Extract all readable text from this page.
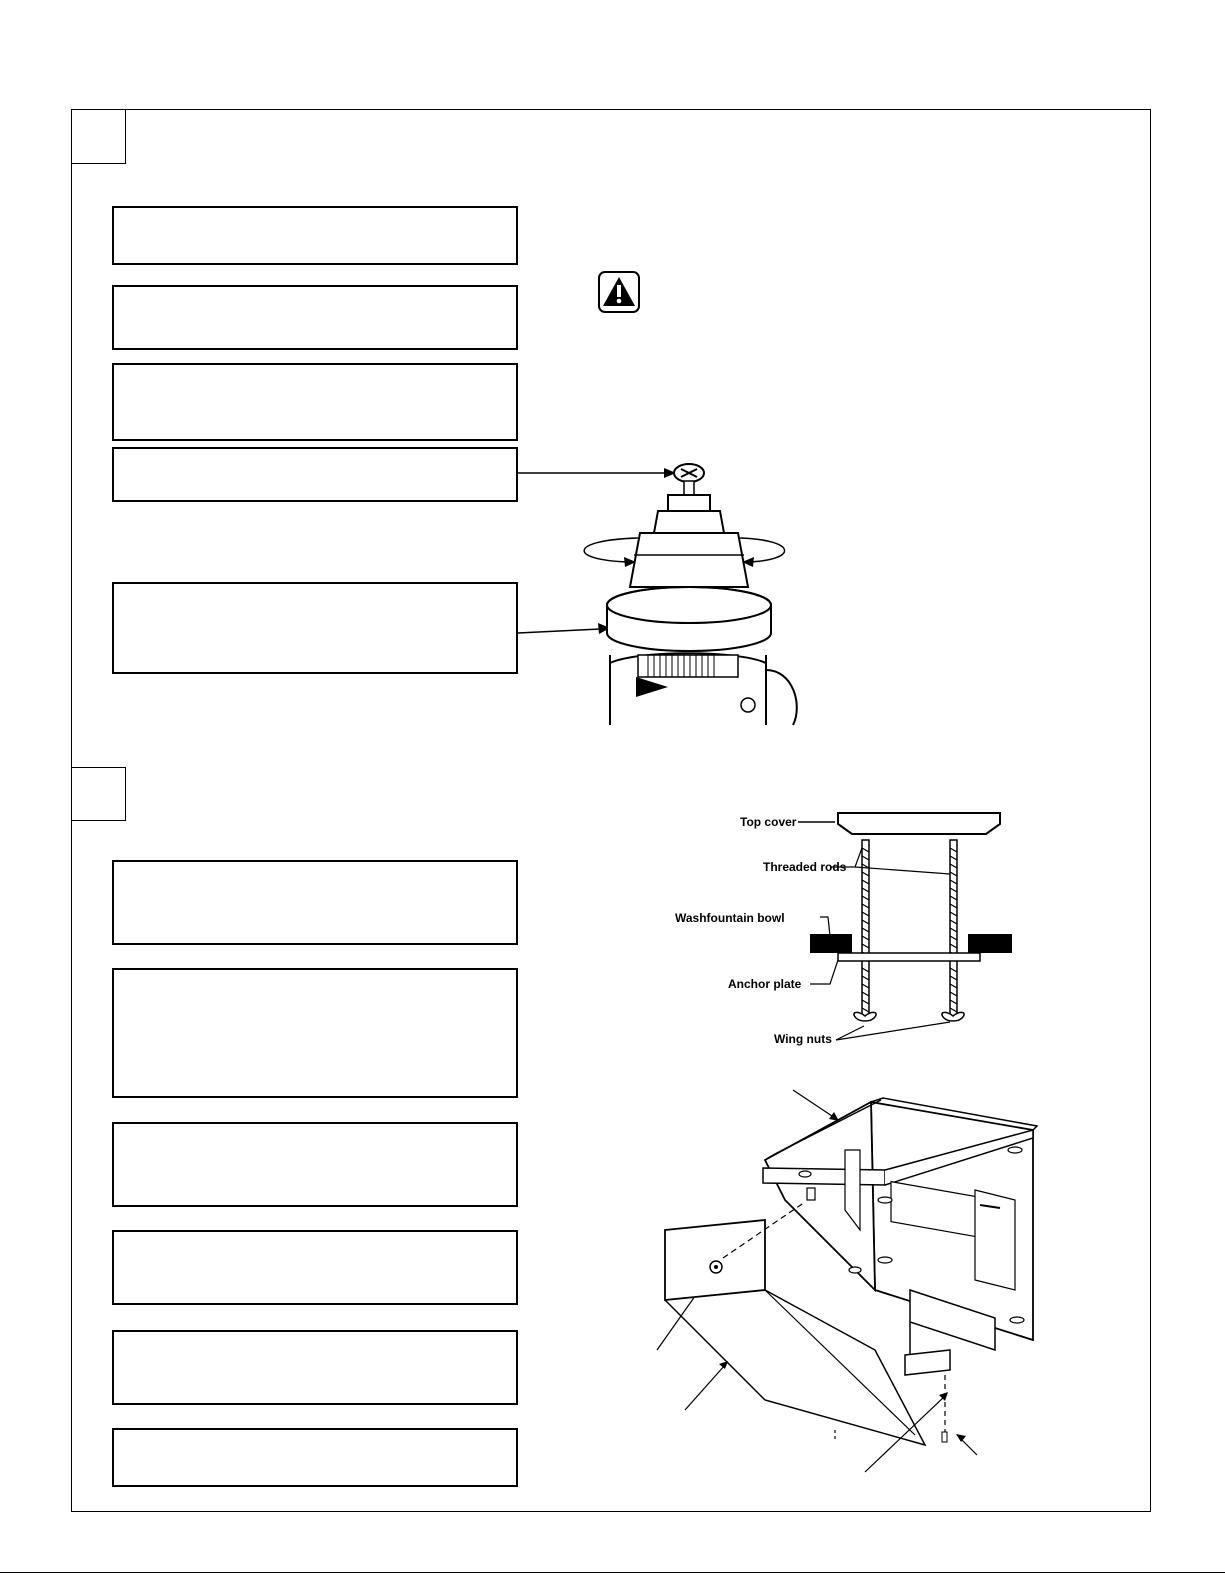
Top cover
Threaded rods
Washfountain bowl
Anchor plate
Wing nuts
